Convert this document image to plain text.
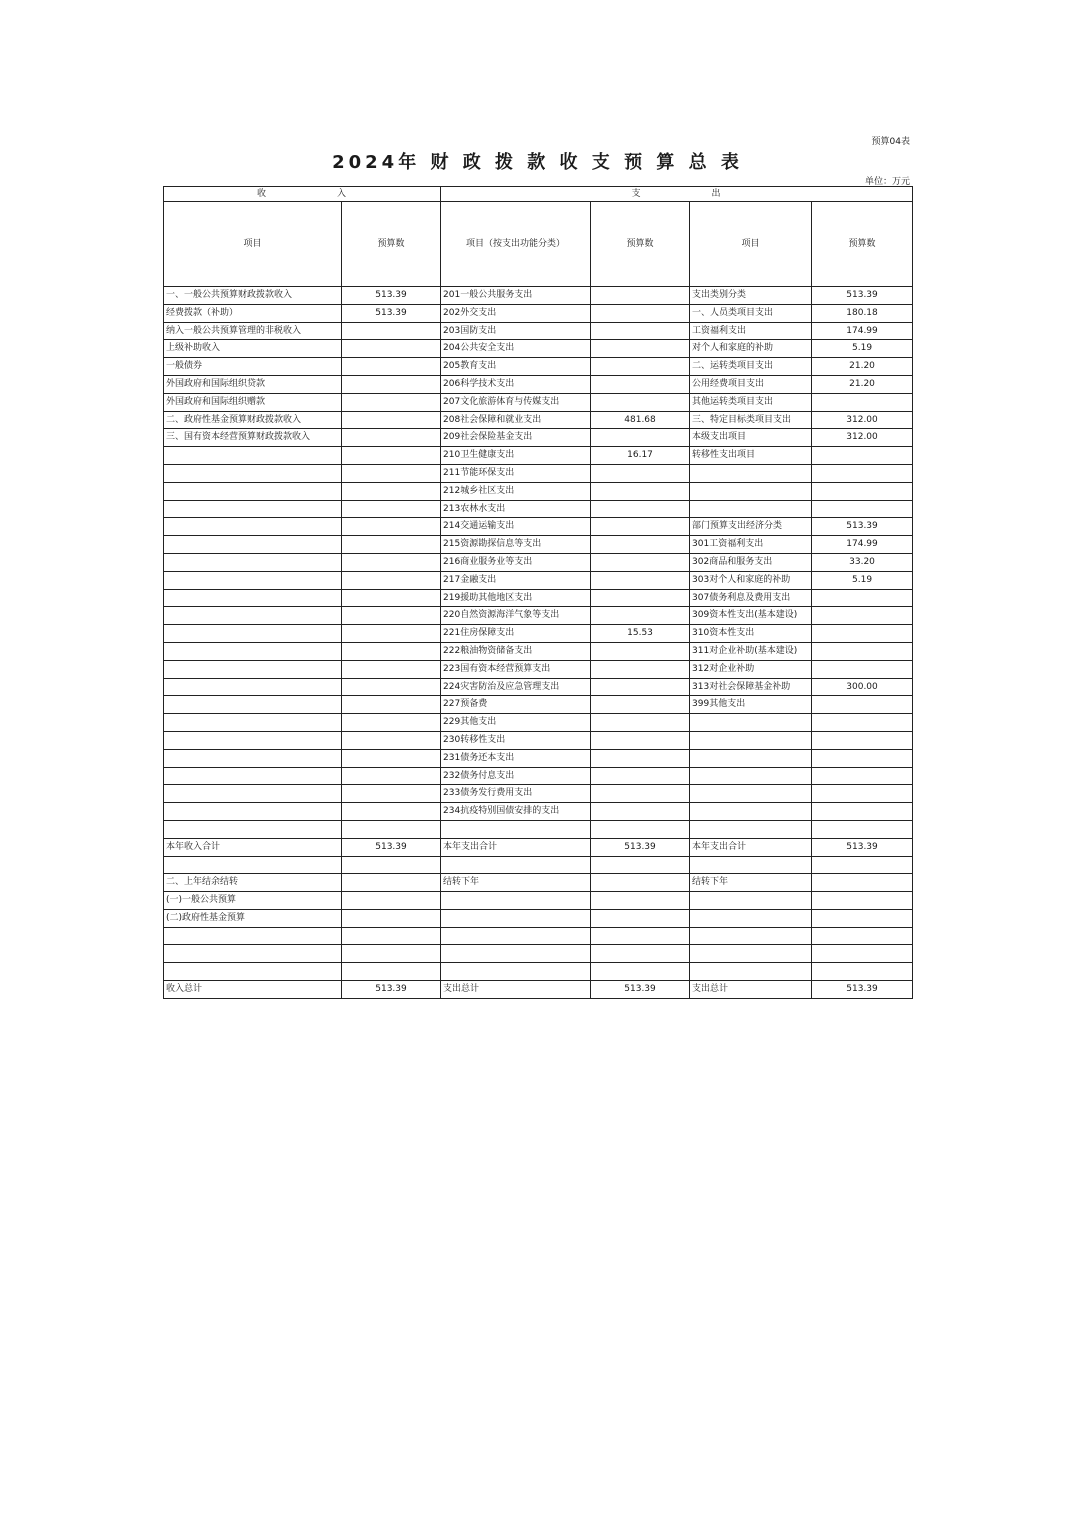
预算04表
2024年 财 政 拨 款 收 支 预 算 总 表
单位：万元
收　　　　　　　入		支　　　　　　　出			
项目	预算数	项目（按支出功能分类）	预算数	项目	预算数
一、一般公共预算财政拨款收入	513.39	201一般公共服务支出		支出类别分类	513.39
经费拨款（补助）	513.39	202外交支出		一、人员类项目支出	180.18
纳入一般公共预算管理的非税收入		203国防支出		工资福利支出	174.99
上级补助收入		204公共安全支出		对个人和家庭的补助	5.19
一般债券		205教育支出		二、运转类项目支出	21.20
外国政府和国际组织贷款		206科学技术支出		公用经费项目支出	21.20
外国政府和国际组织赠款		207文化旅游体育与传媒支出		其他运转类项目支出	
二、政府性基金预算财政拨款收入		208社会保障和就业支出	481.68	三、特定目标类项目支出	312.00
三、国有资本经营预算财政拨款收入		209社会保险基金支出		本级支出项目	312.00
		210卫生健康支出	16.17	转移性支出项目	
		211节能环保支出			
		212城乡社区支出			
		213农林水支出			
		214交通运输支出		部门预算支出经济分类	513.39
		215资源勘探信息等支出		301工资福利支出	174.99
		216商业服务业等支出		302商品和服务支出	33.20
		217金融支出		303对个人和家庭的补助	5.19
		219援助其他地区支出		307债务利息及费用支出	
		220自然资源海洋气象等支出		309资本性支出(基本建设)	
		221住房保障支出	15.53	310资本性支出	
		222粮油物资储备支出		311对企业补助(基本建设)	
		223国有资本经营预算支出		312对企业补助	
		224灾害防治及应急管理支出		313对社会保障基金补助	300.00
		227预备费		399其他支出	
		229其他支出			
		230转移性支出			
		231债务还本支出			
		232债务付息支出			
		233债务发行费用支出			
		234抗疫特别国债安排的支出			

本年收入合计	513.39	本年支出合计	513.39	本年支出合计	513.39

二、上年结余结转		结转下年		结转下年	
(一)一般公共预算					
(二)政府性基金预算					

收入总计	513.39	支出总计	513.39	支出总计	513.39
